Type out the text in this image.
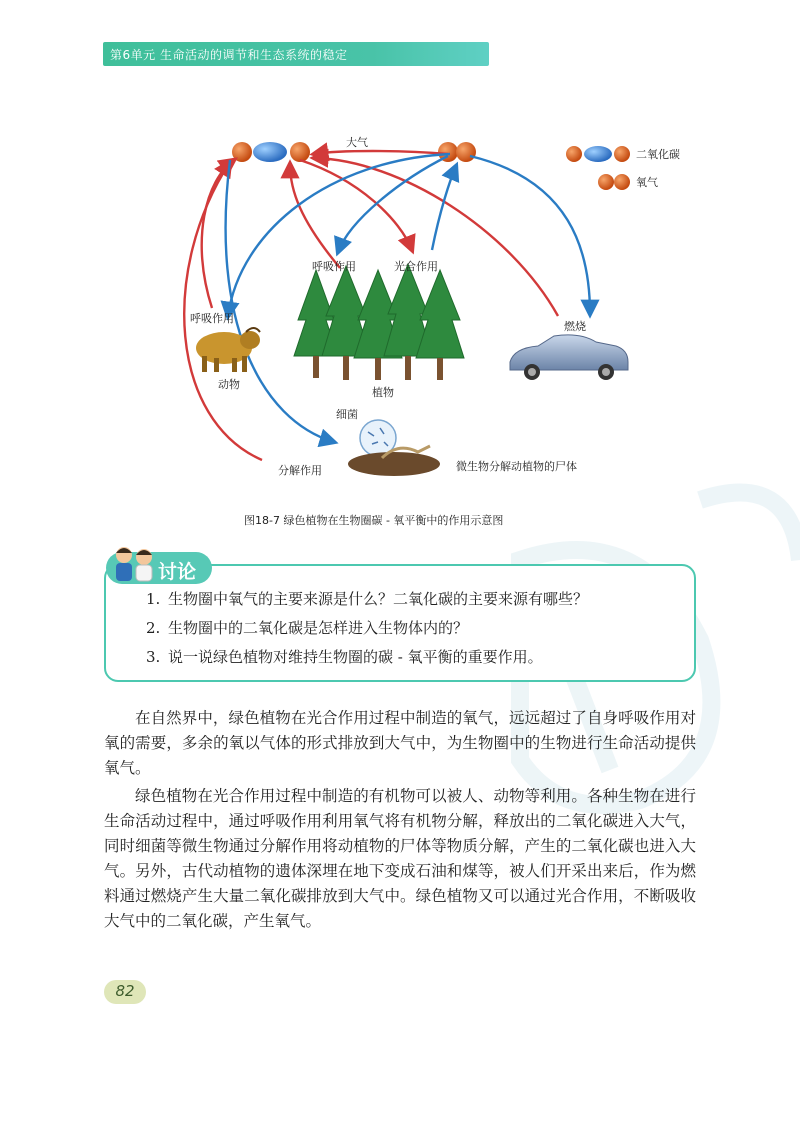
第6单元 生命活动的调节和生态系统的稳定
二氧化碳
氧气
大气
呼吸作用	光合作用
植物
呼吸作用
动物
燃烧
细菌
分解作用	微生物分解动植物的尸体
图18-7 绿色植物在生物圈碳 - 氧平衡中的作用示意图
讨论
1. 生物圈中氧气的主要来源是什么？二氧化碳的主要来源有哪些？
2. 生物圈中的二氧化碳是怎样进入生物体内的？
3. 说一说绿色植物对维持生物圈的碳 - 氧平衡的重要作用。
在自然界中，绿色植物在光合作用过程中制造的氧气，远远超过了自身呼吸作用对氧的需要，多余的氧以气体的形式排放到大气中，为生物圈中的生物进行生命活动提供氧气。
绿色植物在光合作用过程中制造的有机物可以被人、动物等利用。各种生物在进行生命活动过程中，通过呼吸作用利用氧气将有机物分解，释放出的二氧化碳进入大气，同时细菌等微生物通过分解作用将动植物的尸体等物质分解，产生的二氧化碳也进入大气。另外，古代动植物的遗体深埋在地下变成石油和煤等，被人们开采出来后，作为燃料通过燃烧产生大量二氧化碳排放到大气中。绿色植物又可以通过光合作用，不断吸收大气中的二氧化碳，产生氧气。
82
